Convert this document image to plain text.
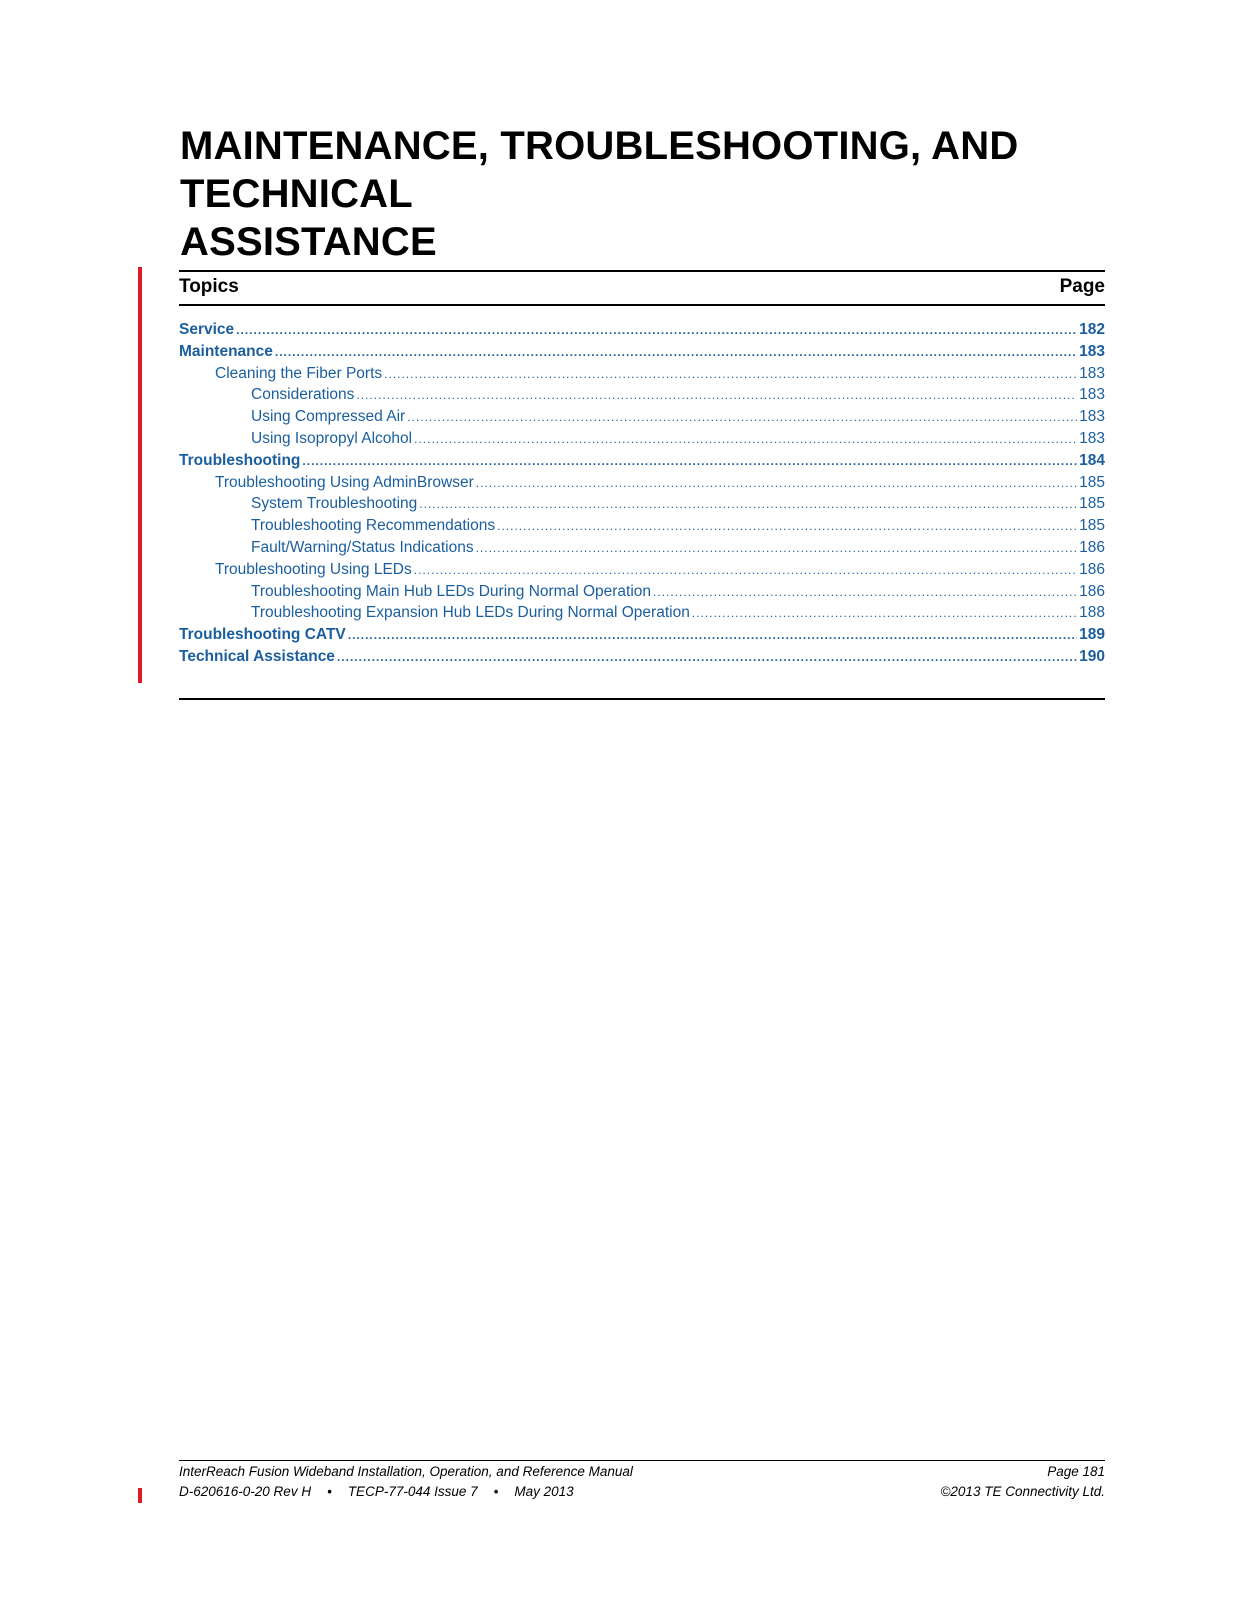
MAINTENANCE, TROUBLESHOOTING, AND TECHNICAL
ASSISTANCE
Topics	Page
Service .....	182
Maintenance .....	183
Cleaning the Fiber Ports .....	183
Considerations .....	183
Using Compressed Air .....	183
Using Isopropyl Alcohol .....	183
Troubleshooting .....	184
Troubleshooting Using AdminBrowser .....	185
System Troubleshooting .....	185
Troubleshooting Recommendations .....	185
Fault/Warning/Status Indications .....	186
Troubleshooting Using LEDs .....	186
Troubleshooting Main Hub LEDs During Normal Operation .....	186
Troubleshooting Expansion Hub LEDs During Normal Operation .....	188
Troubleshooting CATV .....	189
Technical Assistance .....	190
InterReach Fusion Wideband Installation, Operation, and Reference Manual	Page 181
D-620616-0-20 Rev H • TECP-77-044 Issue 7 • May 2013	©2013 TE Connectivity Ltd.
